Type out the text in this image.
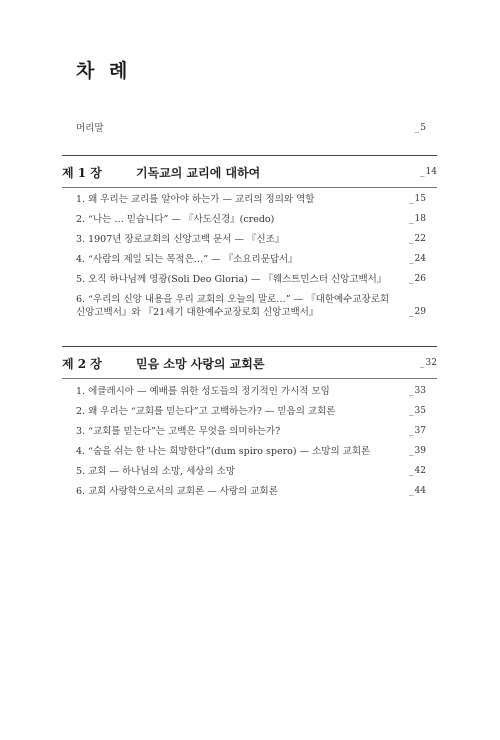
차 례
머리말	_ 5
제 1 장	기독교의 교리에 대하여	_ 14
1. 왜 우리는 교리를 알아야 하는가 — 교리의 정의와 역할	_ 15
2. “나는 … 믿습니다” — 『사도신경』(credo)	_ 18
3. 1907년 장로교회의 신앙고백 문서 — 『신조』	_ 22
4. “사람의 제일 되는 목적은…” — 『소요리문답서』	_ 24
5. 오직 하나님께 영광(Soli Deo Gloria) — 『웨스트민스터 신앙고백서』	_ 26
6. “우리의 신앙 내용을 우리 교회의 오늘의 말로…” — 『대한예수교장로회 신앙고백서』와 『21세기 대한예수교장로회 신앙고백서』	_ 29
제 2 장	믿음 소망 사랑의 교회론	_ 32
1. 에클레시아 — 예배를 위한 성도들의 정기적인 가시적 모임	_ 33
2. 왜 우리는 “교회를 믿는다”고 고백하는가? — 믿음의 교회론	_ 35
3. “교회를 믿는다”는 고백은 무엇을 의미하는가?	_ 37
4. “숨을 쉬는 한 나는 희망한다”(dum spiro spero) — 소망의 교회론	_ 39
5. 교회 — 하나님의 소망, 세상의 소망	_ 42
6. 교회 사랑학으로서의 교회론 — 사랑의 교회론	_ 44
